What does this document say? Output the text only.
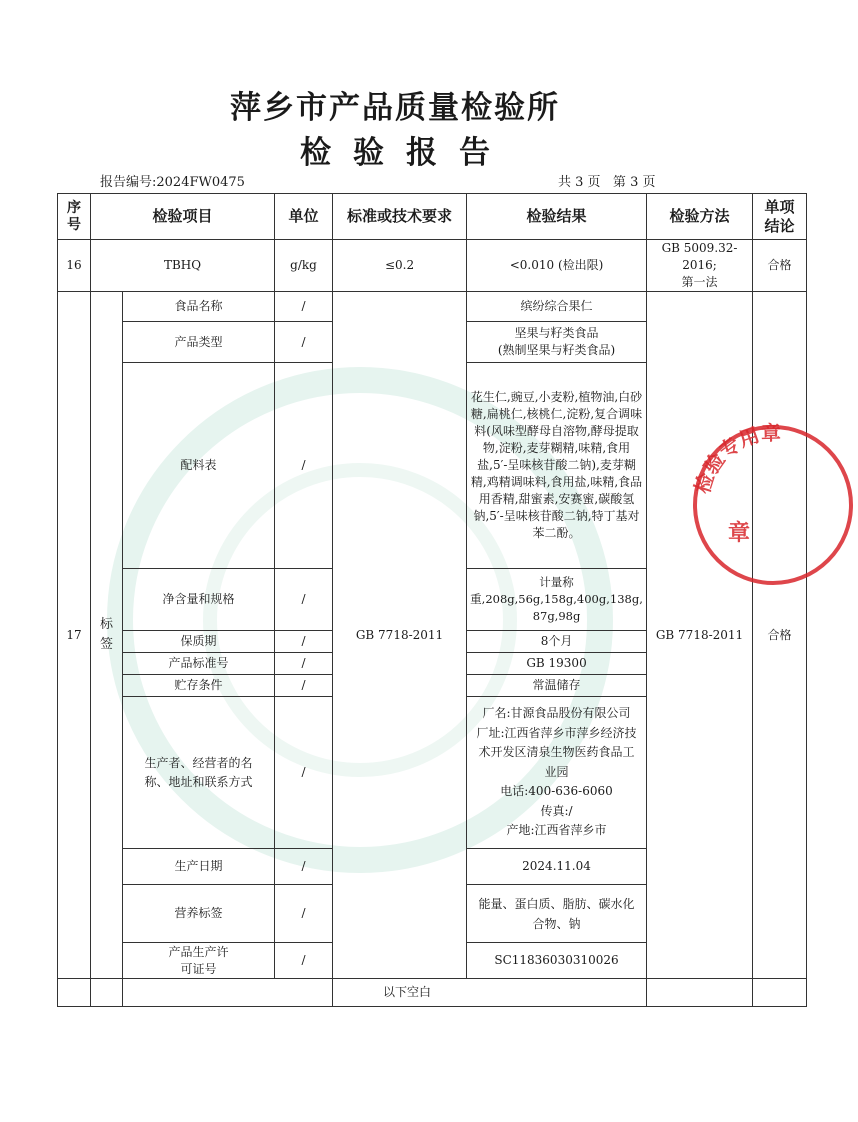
萍乡市产品质量检验所
检验报告
报告编号:2024FW0475	共 3 页   第 3 页
序号	检验项目		单位	标准或技术要求	检验结果	检验方法	单项结论
16	TBHQ		g/kg	≤0.2	<0.010 (检出限)	GB 5009.32-2016;
第一法	合格
17	标签	食品名称	/	GB 7718-2011	缤纷综合果仁	GB 7718-2011	合格
		产品类型	/		坚果与籽类食品
(熟制坚果与籽类食品)		

		配料表	/		花生仁,豌豆,小麦粉,植物油,白砂糖,扁桃仁,核桃仁,淀粉,复合调味料(风味型酵母自溶物,酵母提取物,淀粉,麦芽糊精,味精,食用盐,5′-呈味核苷酸二钠),麦芽糊精,鸡精调味料,食用盐,味精,食品用香精,甜蜜素,安赛蜜,碳酸氢钠,5′-呈味核苷酸二钠,特丁基对苯二酚。		
		净含量和规格	/		计量称
重,208g,56g,158g,400g,138g,
87g,98g		

		保质期	/		8个月		
		产品标准号	/		GB 19300		
		贮存条件	/		常温储存		
		生产者、经营者的名称、地址和联系方式	/		厂名:甘源食品股份有限公司
厂址:江西省萍乡市萍乡经济技术开发区清泉生物医药食品工业园
电话:400-636-6060
传真:/
产地:江西省萍乡市		

		生产日期	/		2024.11.04		
		营养标签	/		能量、蛋白质、脂肪、碳水化合物、钠		
		产品生产许可证号	/		SC11836030310026		
				以下空白			
检验专用章
章
